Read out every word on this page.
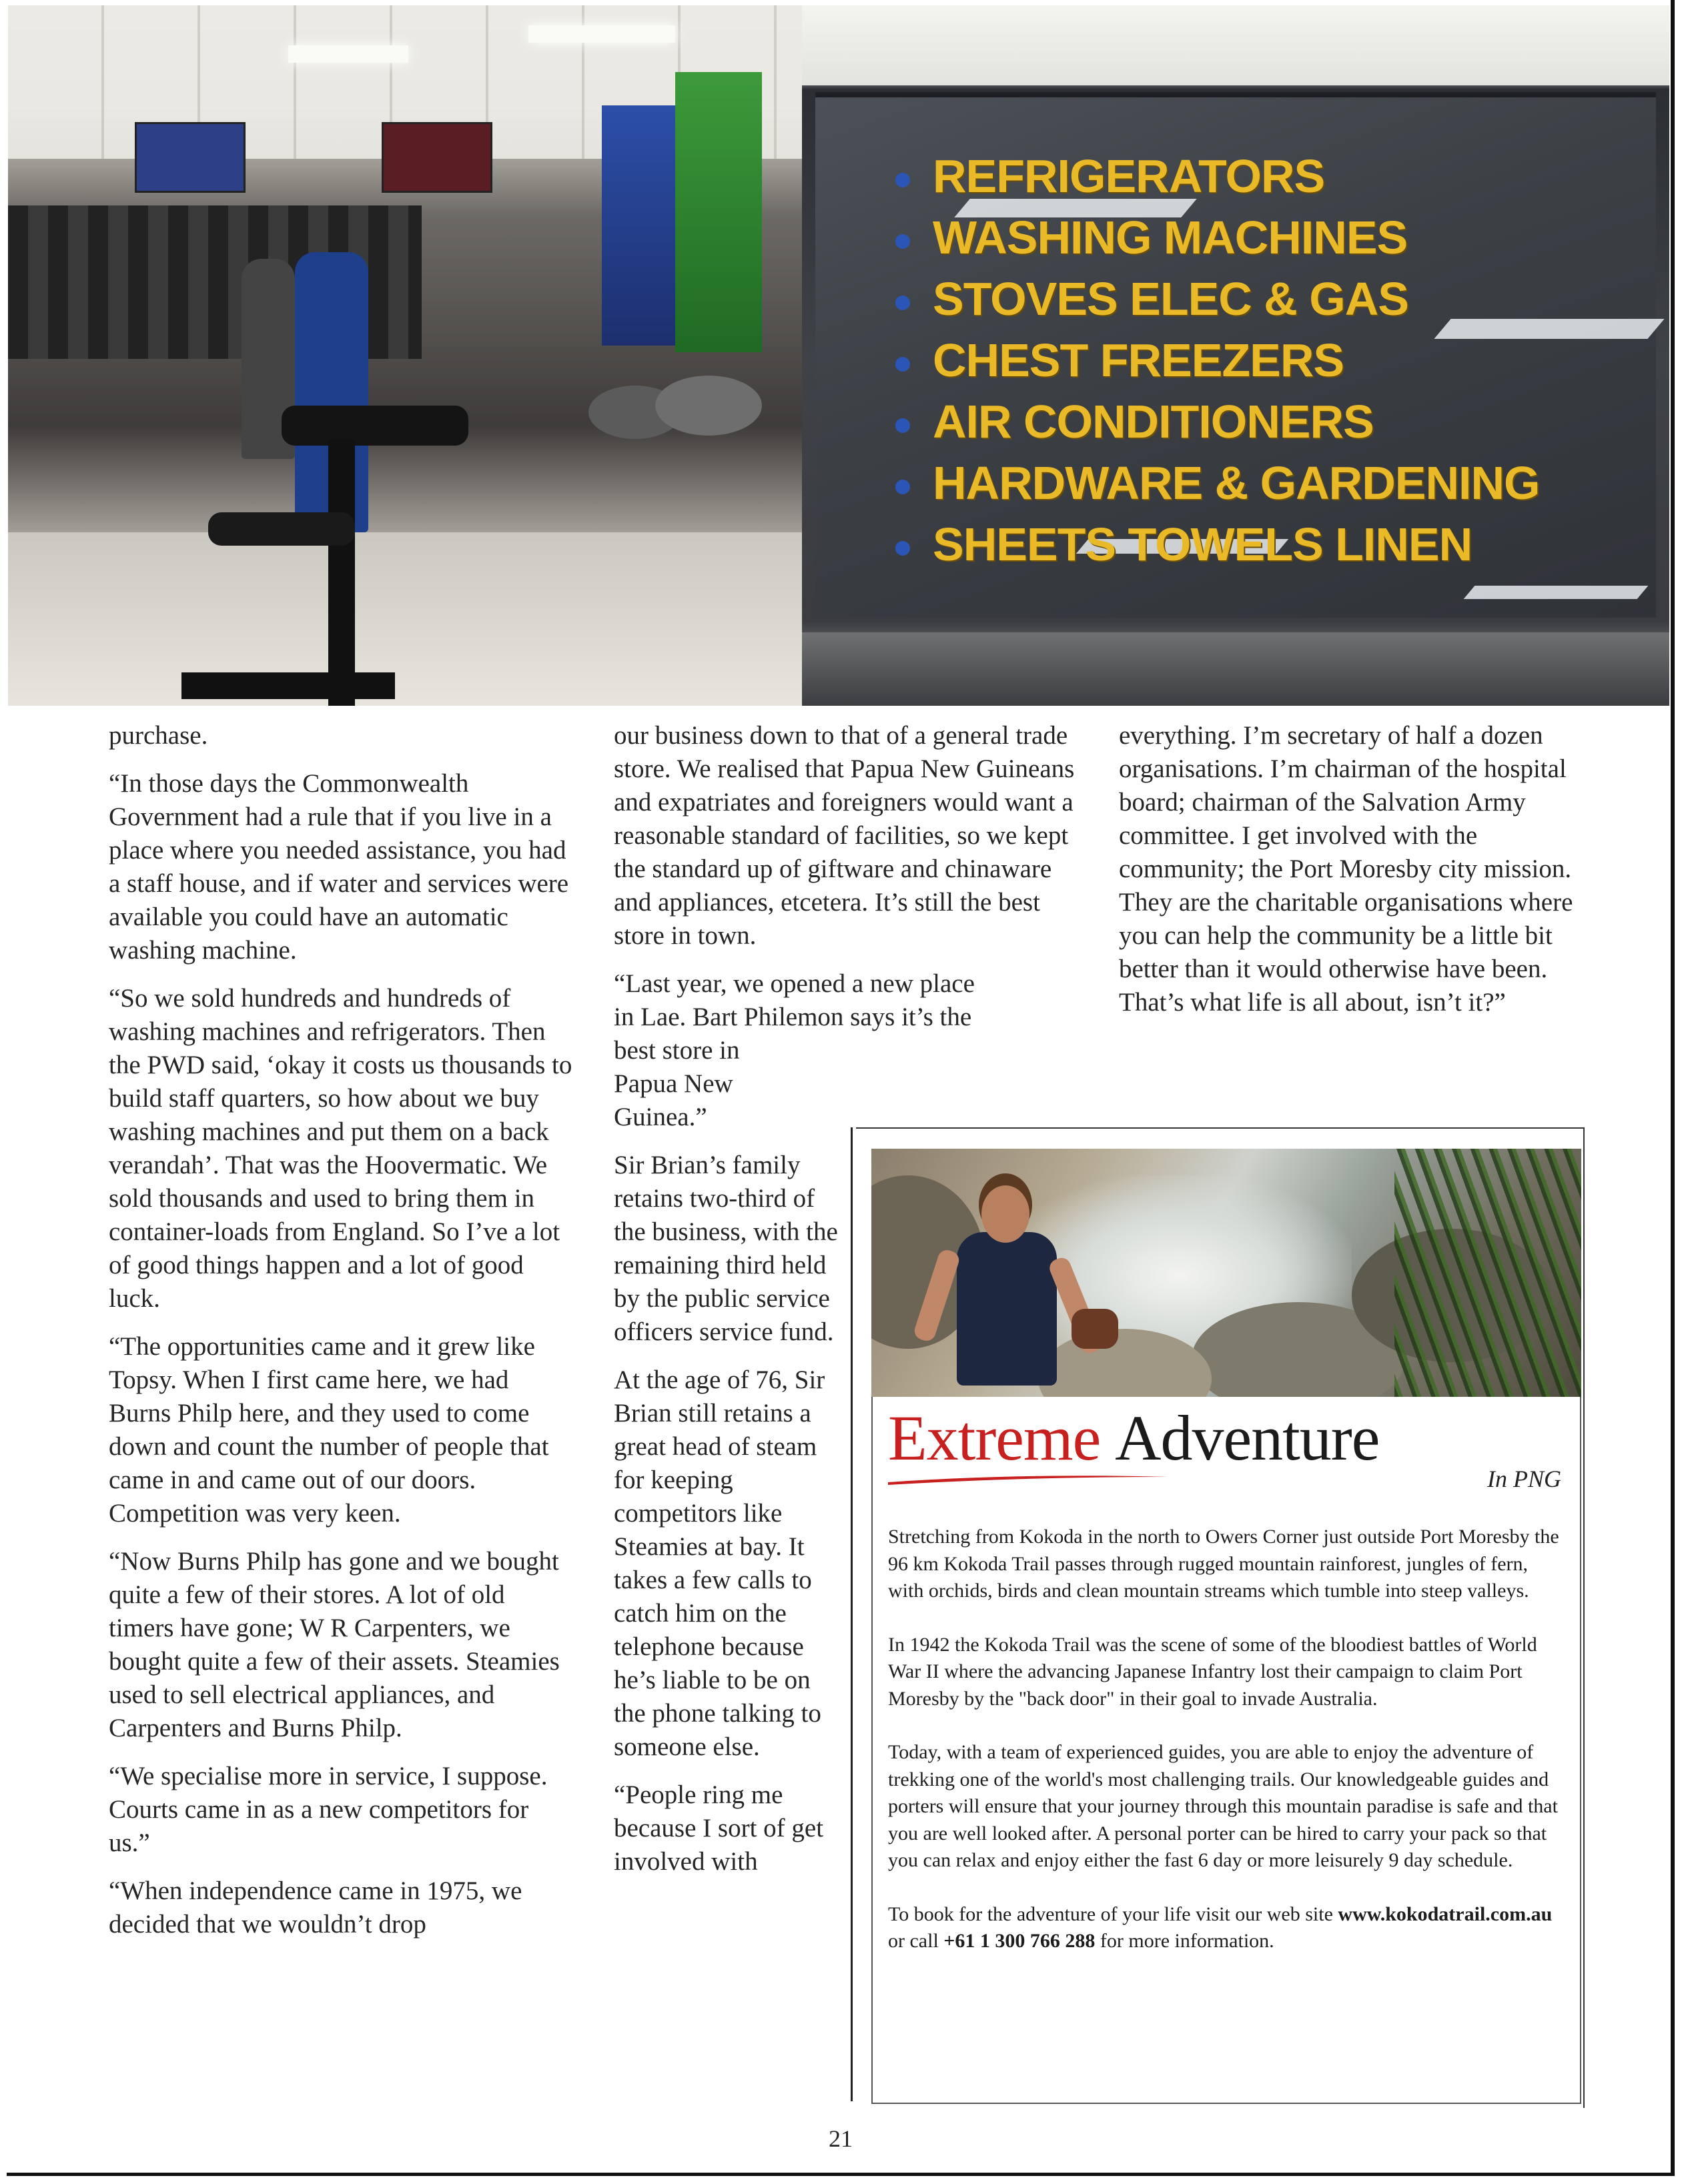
REFRIGERATORS
WASHING MACHINES
STOVES ELEC & GAS
CHEST FREEZERS
AIR CONDITIONERS
HARDWARE & GARDENING
SHEETS TOWELS LINEN

purchase.

“In those days the Commonwealth Government had a rule that if you live in a place where you needed assistance, you had a staff house, and if water and services were available you could have an automatic washing machine.

“So we sold hundreds and hundreds of washing machines and refrigerators. Then the PWD said, ‘okay it costs us thousands to build staff quarters, so how about we buy washing machines and put them on a back verandah’. That was the Hoovermatic. We sold thousands and used to bring them in container-loads from England. So I’ve a lot of good things happen and a lot of good luck.

“The opportunities came and it grew like Topsy. When I first came here, we had Burns Philp here, and they used to come down and count the number of people that came in and came out of our doors. Competition was very keen.

“Now Burns Philp has gone and we bought quite a few of their stores. A lot of old timers have gone; W R Carpenters, we bought quite a few of their assets. Steamies used to sell electrical appliances, and Carpenters and Burns Philp.

“We specialise more in service, I suppose. Courts came in as a new competitors for us.”

“When independence came in 1975, we decided that we wouldn’t drop

our business down to that of a general trade store. We realised that Papua New Guineans and expatriates and foreigners would want a reasonable standard of facilities, so we kept the standard up of giftware and chinaware and appliances, etcetera. It’s still the best store in town.

“Last year, we opened a new place
in Lae. Bart Philemon says it’s the
best store in
Papua New
Guinea.”

Sir Brian’s family retains two-third of the business, with the remaining third held by the public service officers service fund.

At the age of 76, Sir Brian still retains a great head of steam for keeping competitors like Steamies at bay. It takes a few calls to catch him on the telephone because he’s liable to be on the phone talking to someone else.

“People ring me because I sort of get involved with

everything. I’m secretary of half a dozen organisations. I’m chairman of the hospital board; chairman of the Salvation Army committee. I get involved with the community; the Port Moresby city mission. They are the charitable organisations where you can help the community be a little bit better than it would otherwise have been. That’s what life is all about, isn’t it?”

Extreme Adventure
In PNG

Stretching from Kokoda in the north to Owers Corner just outside Port Moresby the 96 km Kokoda Trail passes through rugged mountain rainforest, jungles of fern, with orchids, birds and clean mountain streams which tumble into steep valleys.

In 1942 the Kokoda Trail was the scene of some of the bloodiest battles of World War II where the advancing Japanese Infantry lost their campaign to claim Port Moresby by the "back door" in their goal to invade Australia.

Today, with a team of experienced guides, you are able to enjoy the adventure of trekking one of the world's most challenging trails. Our knowledgeable guides and porters will ensure that your journey through this mountain paradise is safe and that you are well looked after. A personal porter can be hired to carry your pack so that you can relax and enjoy either the fast 6 day or more leisurely 9 day schedule.

To book for the adventure of your life visit our web site www.kokodatrail.com.au or call +61 1 300 766 288 for more information.

21
